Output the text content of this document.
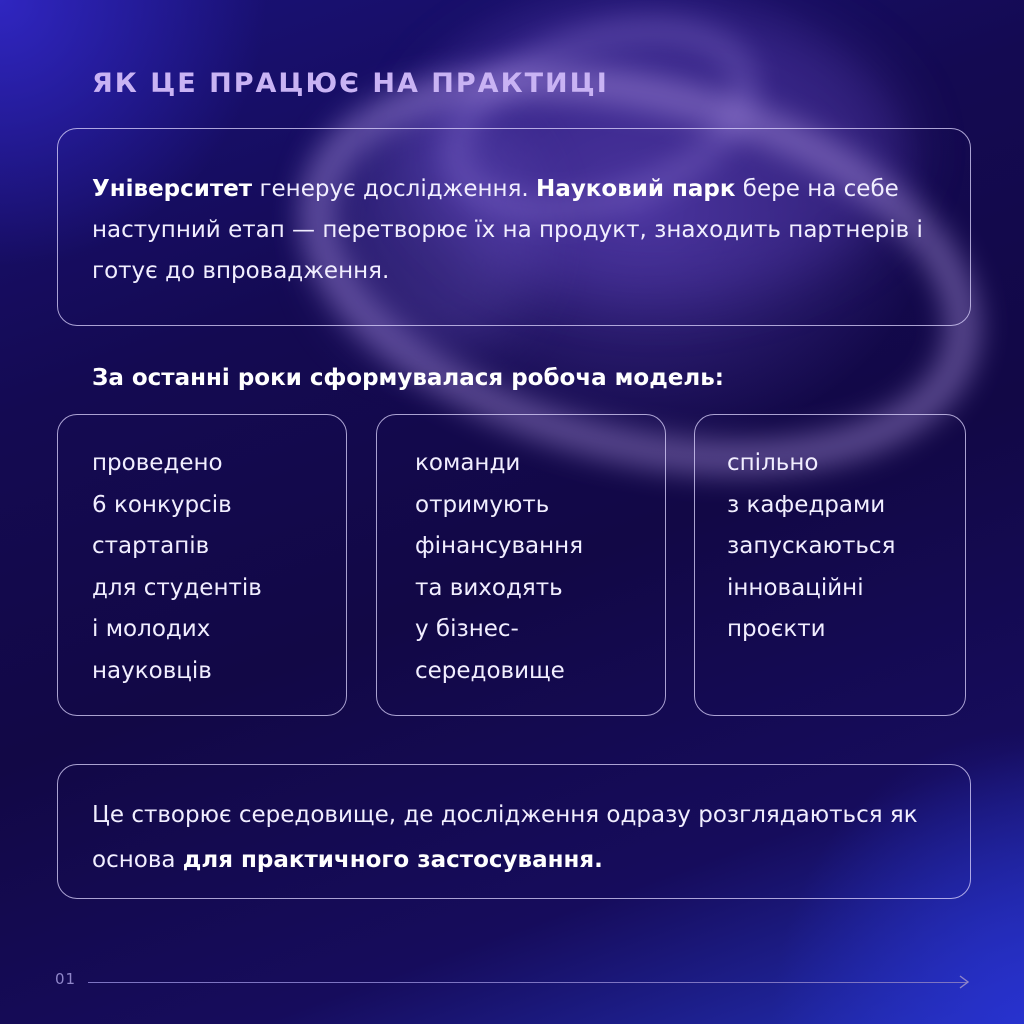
ЯК ЦЕ ПРАЦЮЄ НА ПРАКТИЦІ
Університет генерує дослідження. Науковий парк бере на себе наступний етап — перетворює їх на продукт, знаходить партнерів і готує до впровадження.
За останні роки сформувалася робоча модель:
проведено
6 конкурсів
стартапів
для студентів
і молодих
науковців
команди
отримують
фінансування
та виходять
у бізнес-
середовище
спільно
з кафедрами
запускаються
інноваційні
проєкти
Це створює середовище, де дослідження одразу розглядаються як основа для практичного застосування.
01
